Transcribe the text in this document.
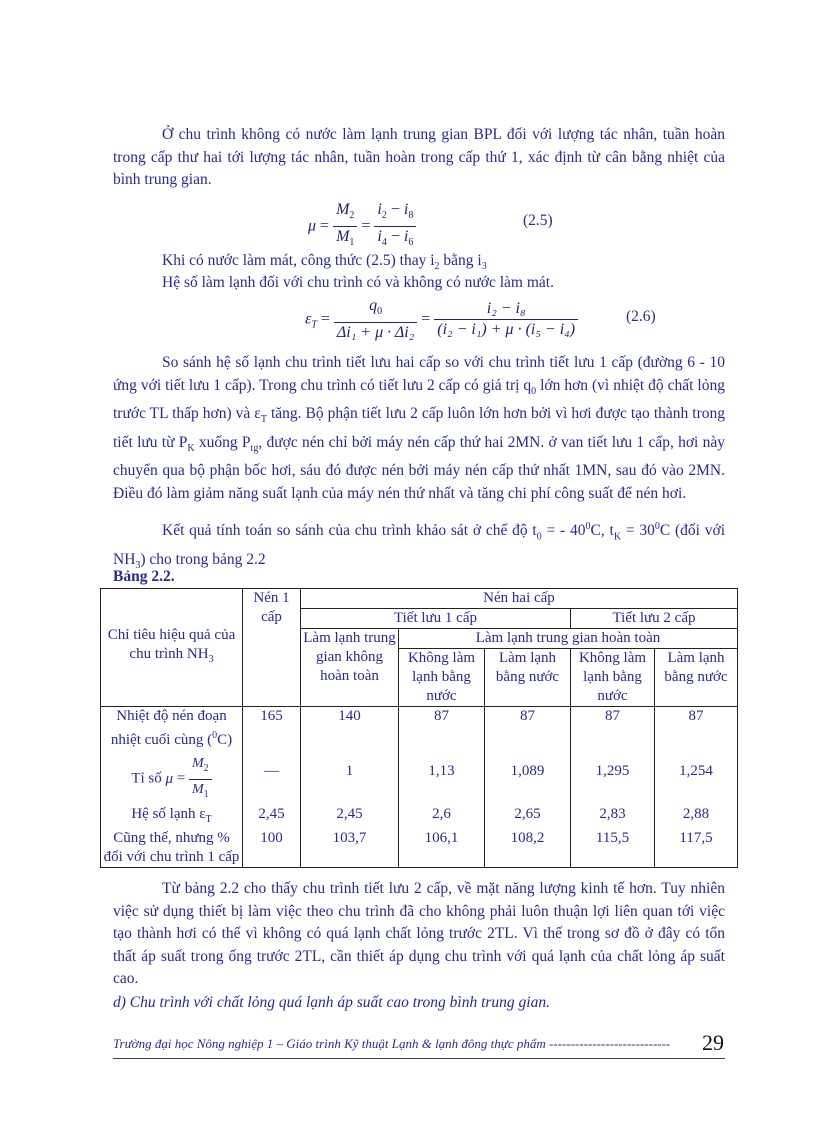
Ở chu trình không có nước làm lạnh trung gian BPL đối với lượng tác nhân, tuần hoàn trong cấp thư hai tới lượng tác nhân, tuần hoàn trong cấp thứ 1, xác định từ cân bằng nhiệt của bình trung gian.

$\mu = \frac{M_2}{M_1} = \frac{i_2 - i_8}{i_4 - i_6}$	(2.5)

Khi có nước làm mát, công thức (2.5) thay $i_2$ bằng $i_3$

Hệ số làm lạnh đối với chu trình có và không có nước làm mát.

$\varepsilon_T = \frac{q_0}{\text{Δi₁ + μ · Δi₂}} = \frac{\text{i₂ − i₈}}{\text{(i₂ − i₁) + μ · (i₅ − i₄)}}$	(2.6)

So sánh hệ số lạnh chu trình tiết lưu hai cấp so với chu trình tiết lưu 1 cấp (đường 6 - 10 ứng với tiết lưu 1 cấp). Trong chu trình có tiết lưu 2 cấp có giá trị $q_0$ lớn hơn (vì nhiệt độ chất lỏng trước TL thấp hơn) và $\varepsilon_T$ tăng. Bộ phận tiết lưu 2 cấp luôn lớn hơn bởi vì hơi được tạo thành trong tiết lưu từ $P_K$ xuống $P_{tg}$, được nén chỉ bởi máy nén cấp thứ hai 2MN. ở van tiết lưu 1 cấp, hơi này chuyển qua bộ phận bốc hơi, sáu đó được nén bởi máy nén cấp thứ nhất 1MN, sau đó vào 2MN. Điều đó làm giảm năng suất lạnh của máy nén thứ nhất và tăng chi phí công suất để nén hơi.

Kết quả tính toán so sánh của chu trình khảo sát ở chế độ $t_0$ = - $40^0C$, $t_K = 30^0C$ (đối với $NH_3$) cho trong bảng 2.2

Bảng 2.2.
Chỉ tiêu hiệu quả của chu trình $NH_3$	Nén 1 cấp	Nén hai cấp				
		Tiết lưu 1 cấp			Tiết lưu 2 cấp	
		Làm lạnh trung gian không hoàn toàn	Làm lạnh trung gian hoàn toàn			
			Không làm lạnh bằng nước	Làm lạnh bằng nước	Không làm lạnh bằng nước	Làm lạnh bằng nước
Nhiệt độ nén đoạn nhiệt cuối cùng ($^0$C)	165	140	87	87	87	87
Tỉ số $\mu = \frac{M_2}{M_1}$	—	1	1,13	1,089	1,295	1,254
Hệ số lạnh $\varepsilon_T$	2,45	2,45	2,6	2,65	2,83	2,88
Cũng thế, nhưng % đối với chu trình 1 cấp	100	103,7	106,1	108,2	115,5	117,5

Từ bảng 2.2 cho thấy chu trình tiết lưu 2 cấp, về mặt năng lượng kinh tế hơn. Tuy nhiên việc sử dụng thiết bị làm việc theo chu trình đã cho không phải luôn thuận lợi liên quan tới việc tạo thành hơi có thể vì không có quá lạnh chất lỏng trước 2TL. Vì thế trong sơ đồ ở đây có tổn thất áp suất trong ống trước 2TL, cần thiết áp dụng chu trình với quá lạnh của chất lỏng áp suất cao.

d) Chu trình với chất lỏng quá lạnh áp suất cao trong bình trung gian.
Trường đại học Nông nghiệp 1 – Giáo trình Kỹ thuật Lạnh & lạnh đông thực phẩm ----------------------------	29
